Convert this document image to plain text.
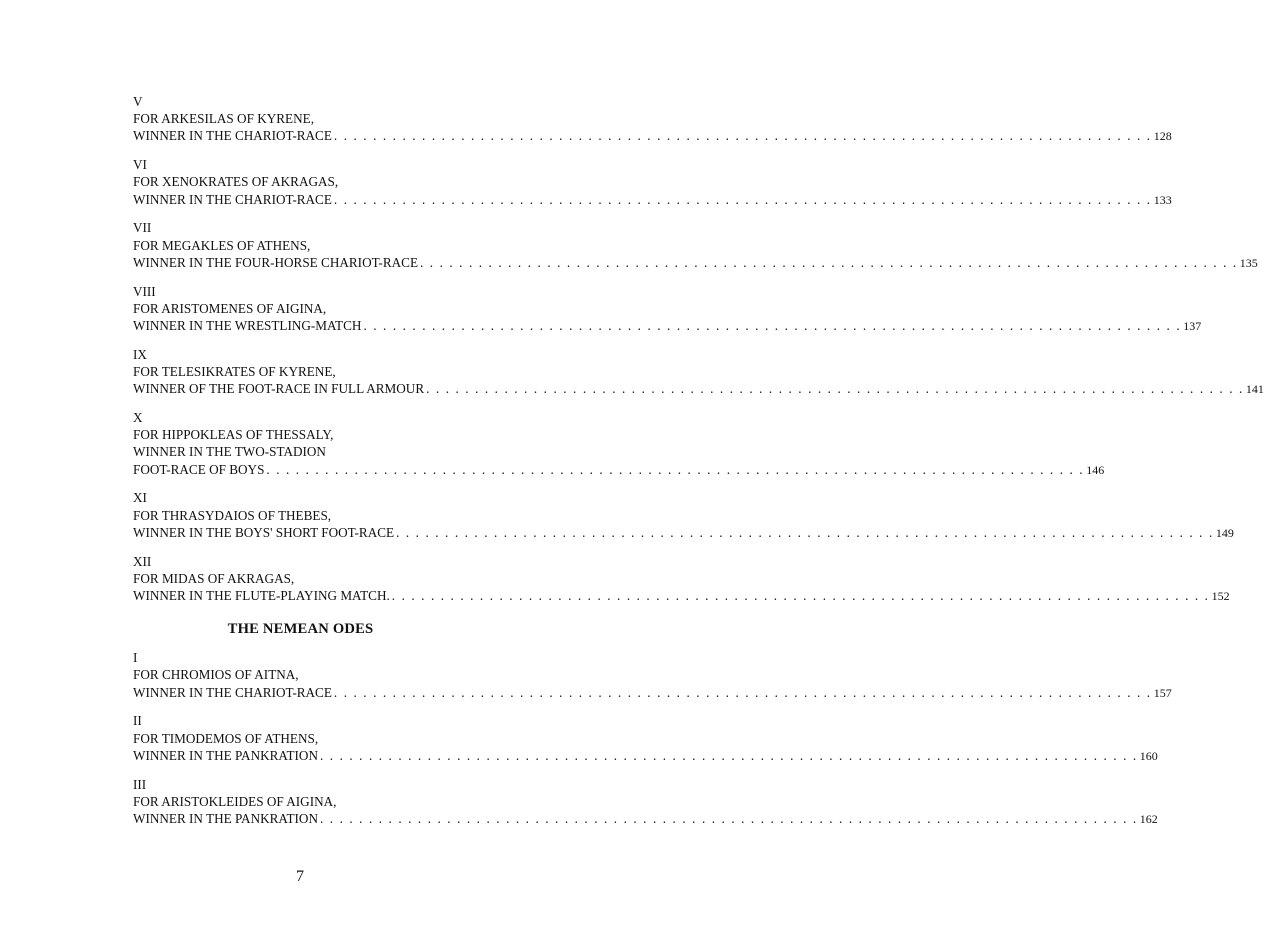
V
FOR ARKESILAS OF KYRENE,
WINNER IN THE CHARIOT-RACE . . . . . . . . . . . . . . . . . . . . . . . . . . . . . . . . . . . . . . . . . . . . . . . . . . . . . . . . . . . . . . . . . . . . . . . . . . . . . . . . . . . . 128
VI
FOR XENOKRATES OF AKRAGAS,
WINNER IN THE CHARIOT-RACE . . . . . . . . . . . . . . . . . . . . . . . . . . . . . . . . . . . . . . . . . . . . . . . . . . . . . . . . . . . . . . . . . . . . . . . . . . . . . . . . . . . . 133
VII
FOR MEGAKLES OF ATHENS,
WINNER IN THE FOUR-HORSE CHARIOT-RACE . . . . . . . . . . . . . . . . . . . . . . . . . . . . . . . . . . . . . . . . . . . . . . . . . . . . . . . . . . . . . . . . . . . . . . . . . . . . . . . . . . . . 135
VIII
FOR ARISTOMENES OF AIGINA,
WINNER IN THE WRESTLING-MATCH . . . . . . . . . . . . . . . . . . . . . . . . . . . . . . . . . . . . . . . . . . . . . . . . . . . . . . . . . . . . . . . . . . . . . . . . . . . . . . . . . . . . 137
IX
FOR TELESIKRATES OF KYRENE,
WINNER OF THE FOOT-RACE IN FULL ARMOUR . . . . . . . . . . . . . . . . . . . . . . . . . . . . . . . . . . . . . . . . . . . . . . . . . . . . . . . . . . . . . . . . . . . . . . . . . . . . . . . . . . . . 141
X
FOR HIPPOKLEAS OF THESSALY,
WINNER IN THE TWO-STADION
FOOT-RACE OF BOYS . . . . . . . . . . . . . . . . . . . . . . . . . . . . . . . . . . . . . . . . . . . . . . . . . . . . . . . . . . . . . . . . . . . . . . . . . . . . . . . . . . . . 146
XI
FOR THRASYDAIOS OF THEBES,
WINNER IN THE BOYS' SHORT FOOT-RACE . . . . . . . . . . . . . . . . . . . . . . . . . . . . . . . . . . . . . . . . . . . . . . . . . . . . . . . . . . . . . . . . . . . . . . . . . . . . . . . . . . . . 149
XII
FOR MIDAS OF AKRAGAS,
WINNER IN THE FLUTE-PLAYING MATCH. . . . . . . . . . . . . . . . . . . . . . . . . . . . . . . . . . . . . . . . . . . . . . . . . . . . . . . . . . . . . . . . . . . . . . . . . . . . . . . . . . . . . 152
THE NEMEAN ODES
I
FOR CHROMIOS OF AITNA,
WINNER IN THE CHARIOT-RACE . . . . . . . . . . . . . . . . . . . . . . . . . . . . . . . . . . . . . . . . . . . . . . . . . . . . . . . . . . . . . . . . . . . . . . . . . . . . . . . . . . . . 157
II
FOR TIMODEMOS OF ATHENS,
WINNER IN THE PANKRATION . . . . . . . . . . . . . . . . . . . . . . . . . . . . . . . . . . . . . . . . . . . . . . . . . . . . . . . . . . . . . . . . . . . . . . . . . . . . . . . . . . . . 160
III
FOR ARISTOKLEIDES OF AIGINA,
WINNER IN THE PANKRATION . . . . . . . . . . . . . . . . . . . . . . . . . . . . . . . . . . . . . . . . . . . . . . . . . . . . . . . . . . . . . . . . . . . . . . . . . . . . . . . . . . . . 162
7
